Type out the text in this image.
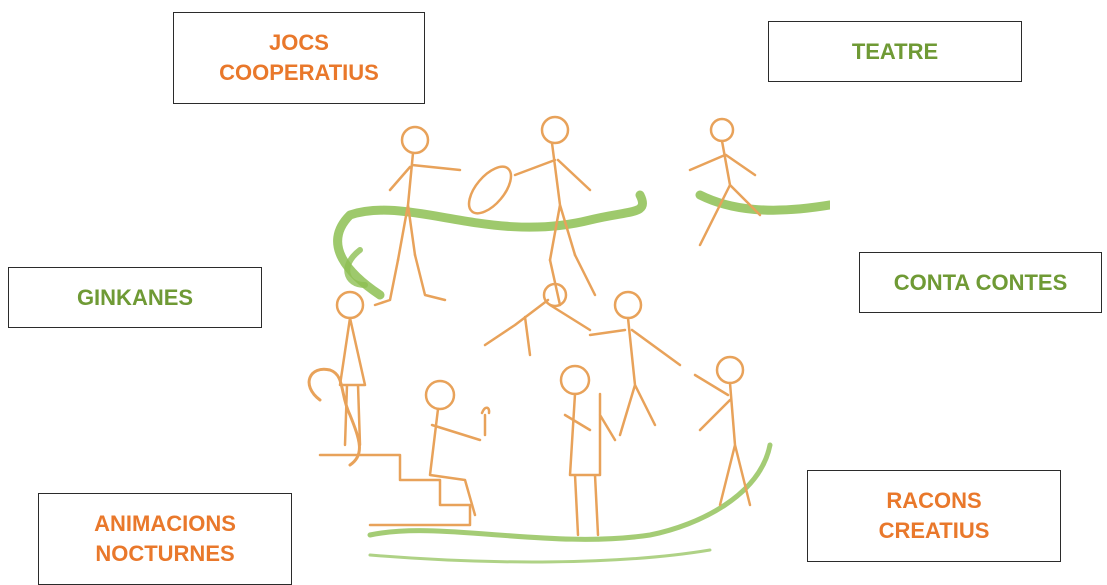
JOCS
COOPERATIUS
TEATRE
GINKANES
CONTA CONTES
ANIMACIONS
NOCTURNES
RACONS
CREATIUS
